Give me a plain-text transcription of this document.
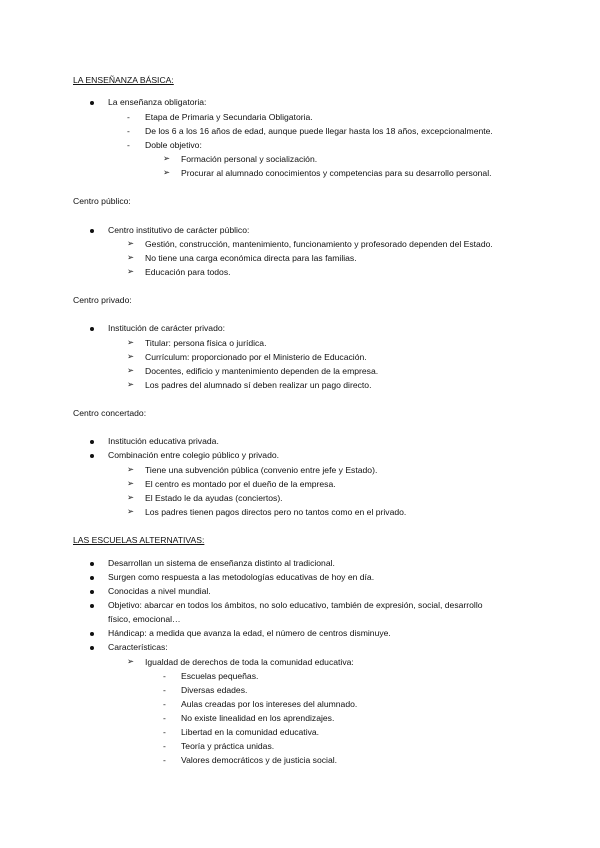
LA ENSEÑANZA BÁSICA:
La enseñanza obligatoria:
-
Etapa de Primaria y Secundaria Obligatoria.
-
De los 6 a los 16 años de edad, aunque puede llegar hasta los 18 años, excepcionalmente.
-
Doble objetivo:
➢
Formación personal y socialización.
➢
Procurar al alumnado conocimientos y competencias para su desarrollo personal.
Centro público:
Centro institutivo de carácter público:
➢
Gestión, construcción, mantenimiento, funcionamiento y profesorado dependen del Estado.
➢
No tiene una carga económica directa para las familias.
➢
Educación para todos.
Centro privado:
Institución de carácter privado:
➢
Titular: persona física o jurídica.
➢
Currículum: proporcionado por el Ministerio de Educación.
➢
Docentes, edificio y mantenimiento dependen de la empresa.
➢
Los padres del alumnado sí deben realizar un pago directo.
Centro concertado:
Institución educativa privada.
Combinación entre colegio público y privado.
➢
Tiene una subvención pública (convenio entre jefe y Estado).
➢
El centro es montado por el dueño de la empresa.
➢
El Estado le da ayudas (conciertos).
➢
Los padres tienen pagos directos pero no tantos como en el privado.
LAS ESCUELAS ALTERNATIVAS:
Desarrollan un sistema de enseñanza distinto al tradicional.
Surgen como respuesta a las metodologías educativas de hoy en día.
Conocidas a nivel mundial.
Objetivo: abarcar en todos los ámbitos, no solo educativo, también de expresión, social, desarrollo
físico, emocional…
Hándicap: a medida que avanza la edad, el número de centros disminuye.
Características:
➢
Igualdad de derechos de toda la comunidad educativa:
-
Escuelas pequeñas.
-
Diversas edades.
-
Aulas creadas por los intereses del alumnado.
-
No existe linealidad en los aprendizajes.
-
Libertad en la comunidad educativa.
-
Teoría y práctica unidas.
-
Valores democráticos y de justicia social.
